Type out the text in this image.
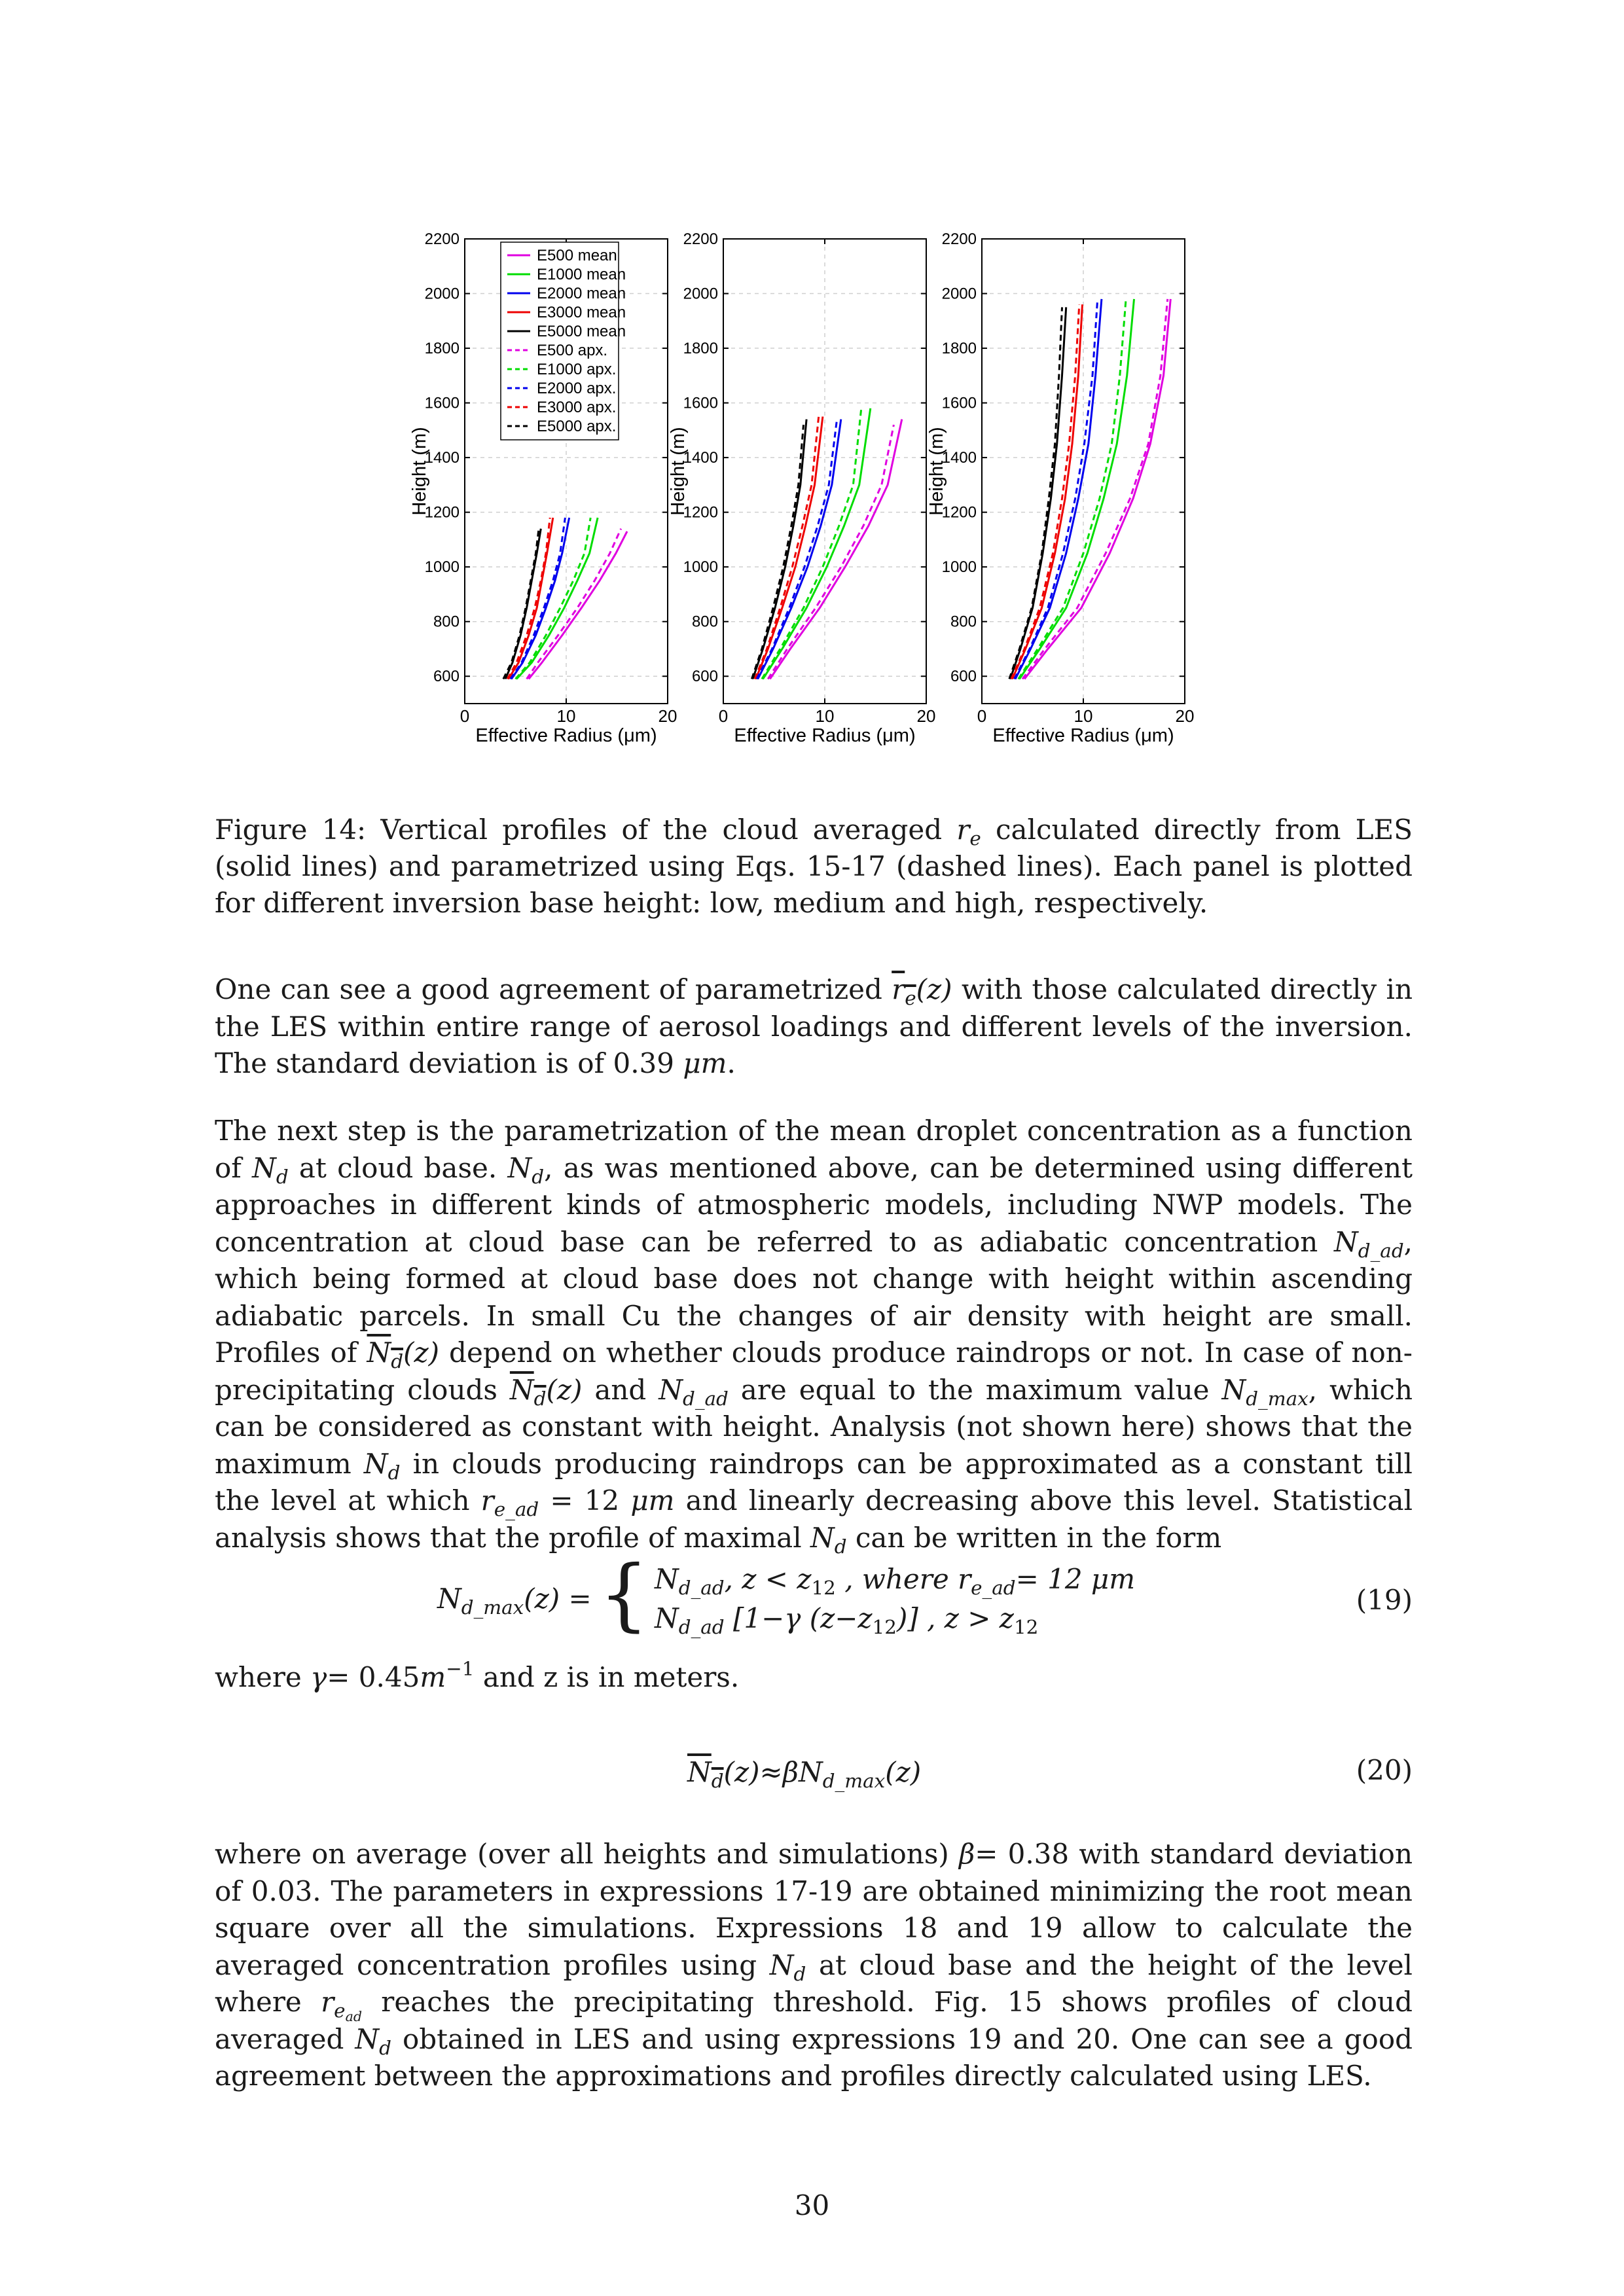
600
800
1000
1200
1400
1600
1800
2000
2200
0	10	20
Effective Radius (μm)
Height (m)
E500 mean
E1000 mean
E2000 mean
E3000 mean
E5000 mean
E500 apx.
E1000 apx.
E2000 apx.
E3000 apx.
E5000 apx.
600
800
1000
1200
1400
1600
1800
2000
2200
0	10	20
Effective Radius (μm)
Height (m)
600
800
1000
1200
1400
1600
1800
2000
2200
0	10	20
Effective Radius (μm)
Height (m)
Figure 14: Vertical profiles of the cloud averaged $r_e$ calculated directly from LES (solid lines) and parametrized using Eqs. 15-17 (dashed lines). Each panel is plotted for different inversion base height: low, medium and high, respectively.

One can see a good agreement of parametrized $r_e(z)$ with those calculated directly in the LES within entire range of aerosol loadings and different levels of the inversion. The standard deviation is of 0.39 μm.

The next step is the parametrization of the mean droplet concentration as a function of $N_d$ at cloud base. $N_d$, as was mentioned above, can be determined using different approaches in different kinds of atmospheric models, including NWP models. The concentration at cloud base can be referred to as adiabatic concentration $N_{d\_ad}$, which being formed at cloud base does not change with height within ascending adiabatic parcels. In small Cu the changes of air density with height are small. Profiles of $N_d(z)$ depend on whether clouds produce raindrops or not. In case of non-precipitating clouds $N_d(z)$ and $N_{d\_ad}$ are equal to the maximum value $N_{d\_max}$, which can be considered as constant with height. Analysis (not shown here) shows that the maximum $N_d$ in clouds producing raindrops can be approximated as a constant till the level at which $r_{e\_ad} = 12$ μm and linearly decreasing above this level. Statistical analysis shows that the profile of maximal $N_d$ can be written in the form

$N_{d\_max}(z)$ = { $N_{d\_ad}$, $z < z_{12}$ , where $r_{e\_ad}= 12$ μm
$N_{d\_ad}$ [1−γ $(z-z_{12})$] , $z > z_{12}$
(19)

where $\gamma= 0.45m^{-1}$ and z is in meters.

$N_d(z)\approx\beta N_{d\_max}(z)$	(20)

where on average (over all heights and simulations) β= 0.38 with standard deviation of 0.03. The parameters in expressions 17-19 are obtained minimizing the root mean square over all the simulations. Expressions 18 and 19 allow to calculate the averaged concentration profiles using $N_d$ at cloud base and the height of the level where $r_{e_{ad}}$ reaches the precipitating threshold. Fig. 15 shows profiles of cloud averaged $N_d$ obtained in LES and using expressions 19 and 20. One can see a good agreement between the approximations and profiles directly calculated using LES.

30
